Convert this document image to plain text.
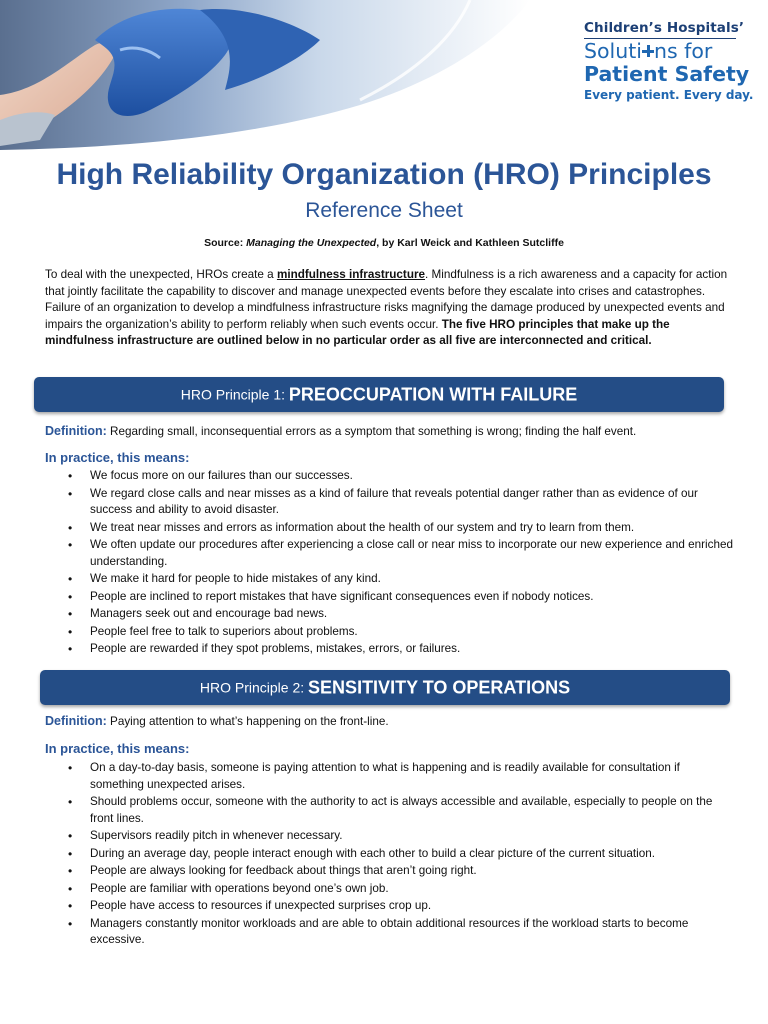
Children’s Hospitals’
Soluti ns for
Patient Safety
Every patient. Every day.
High Reliability Organization (HRO) Principles
Reference Sheet
Source: Managing the Unexpected, by Karl Weick and Kathleen Sutcliffe
To deal with the unexpected, HROs create a mindfulness infrastructure. Mindfulness is a rich awareness and a capacity for action that jointly facilitate the capability to discover and manage unexpected events before they escalate into crises and catastrophes. Failure of an organization to develop a mindfulness infrastructure risks magnifying the damage produced by unexpected events and impairs the organization’s ability to perform reliably when such events occur. The five HRO principles that make up the mindfulness infrastructure are outlined below in no particular order as all five are interconnected and critical.
HRO Principle 1: PREOCCUPATION WITH FAILURE
Definition: Regarding small, inconsequential errors as a symptom that something is wrong; finding the half event.
In practice, this means:
• We focus more on our failures than our successes.
• We regard close calls and near misses as a kind of failure that reveals potential danger rather than as evidence of our success and ability to avoid disaster.
• We treat near misses and errors as information about the health of our system and try to learn from them.
• We often update our procedures after experiencing a close call or near miss to incorporate our new experience and enriched understanding.
• We make it hard for people to hide mistakes of any kind.
• People are inclined to report mistakes that have significant consequences even if nobody notices.
• Managers seek out and encourage bad news.
• People feel free to talk to superiors about problems.
• People are rewarded if they spot problems, mistakes, errors, or failures.
HRO Principle 2: SENSITIVITY TO OPERATIONS
Definition: Paying attention to what’s happening on the front-line.
In practice, this means:
• On a day-to-day basis, someone is paying attention to what is happening and is readily available for consultation if something unexpected arises.
• Should problems occur, someone with the authority to act is always accessible and available, especially to people on the front lines.
• Supervisors readily pitch in whenever necessary.
• During an average day, people interact enough with each other to build a clear picture of the current situation.
• People are always looking for feedback about things that aren’t going right.
• People are familiar with operations beyond one’s own job.
• People have access to resources if unexpected surprises crop up.
• Managers constantly monitor workloads and are able to obtain additional resources if the workload starts to become excessive.
